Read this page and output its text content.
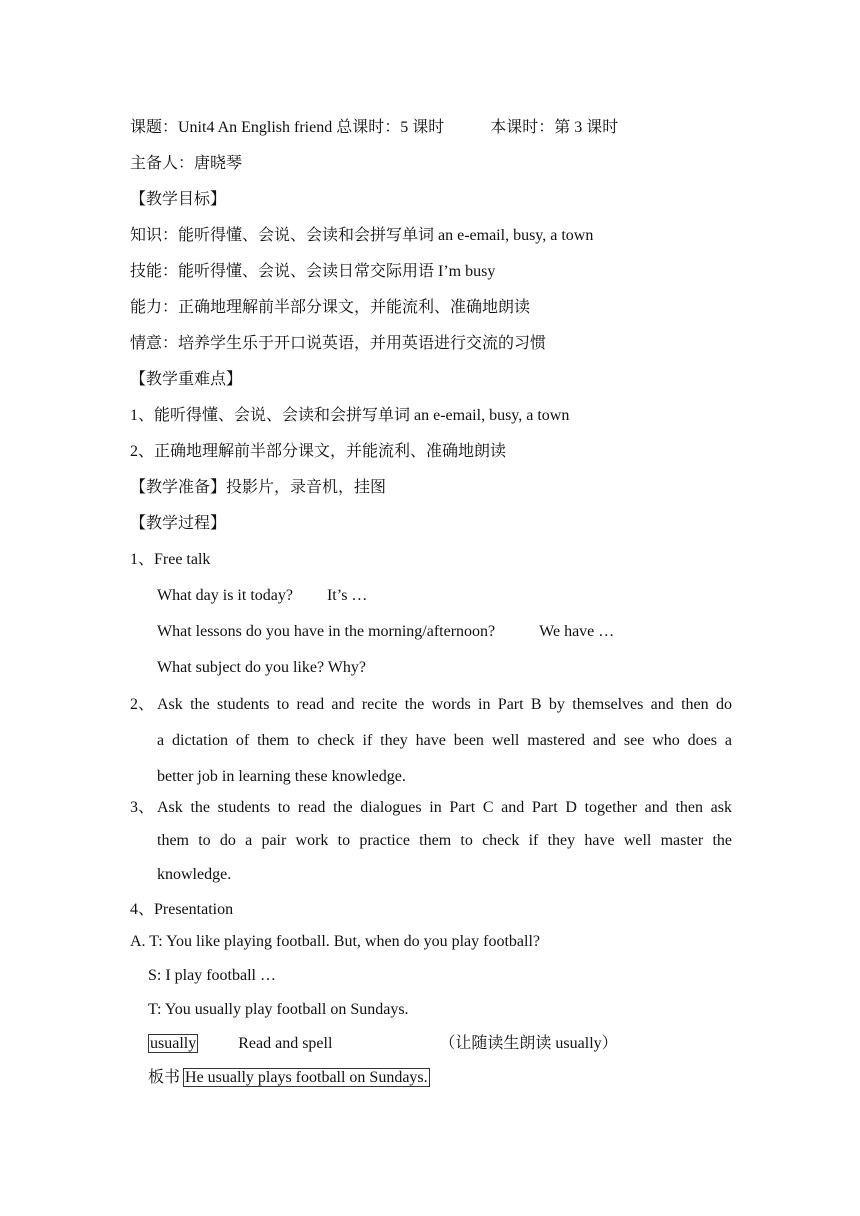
课题：Unit4 An English friend 总课时：5 课时	本课时：第 3 课时
主备人：唐晓琴
【教学目标】
知识：能听得懂、会说、会读和会拼写单词 an e-email, busy, a town
技能：能听得懂、会说、会读日常交际用语 I’m busy
能力：正确地理解前半部分课文，并能流利、准确地朗读
情意：培养学生乐于开口说英语，并用英语进行交流的习惯
【教学重难点】
1、能听得懂、会说、会读和会拼写单词 an e-email, busy, a town
2、正确地理解前半部分课文，并能流利、准确地朗读
【教学准备】投影片，录音机，挂图
【教学过程】
1、Free talk
What day is it today? It’s …
What lessons do you have in the morning/afternoon?	We have …
What subject do you like? Why?
2、 Ask the students to read and recite the words in Part B by themselves and then do
a dictation of them to check if they have been well mastered and see who does a
better job in learning these knowledge.
3、 Ask the students to read the dialogues in Part C and Part D together and then ask
them to do a pair work to practice them to check if they have well master the
knowledge.
4、Presentation
A. T: You like playing football. But, when do you play football?
S: I play football …
T: You usually play football on Sundays.
usually	Read and spell	（让随读生朗读 usually）
板书 He usually plays football on Sundays.
